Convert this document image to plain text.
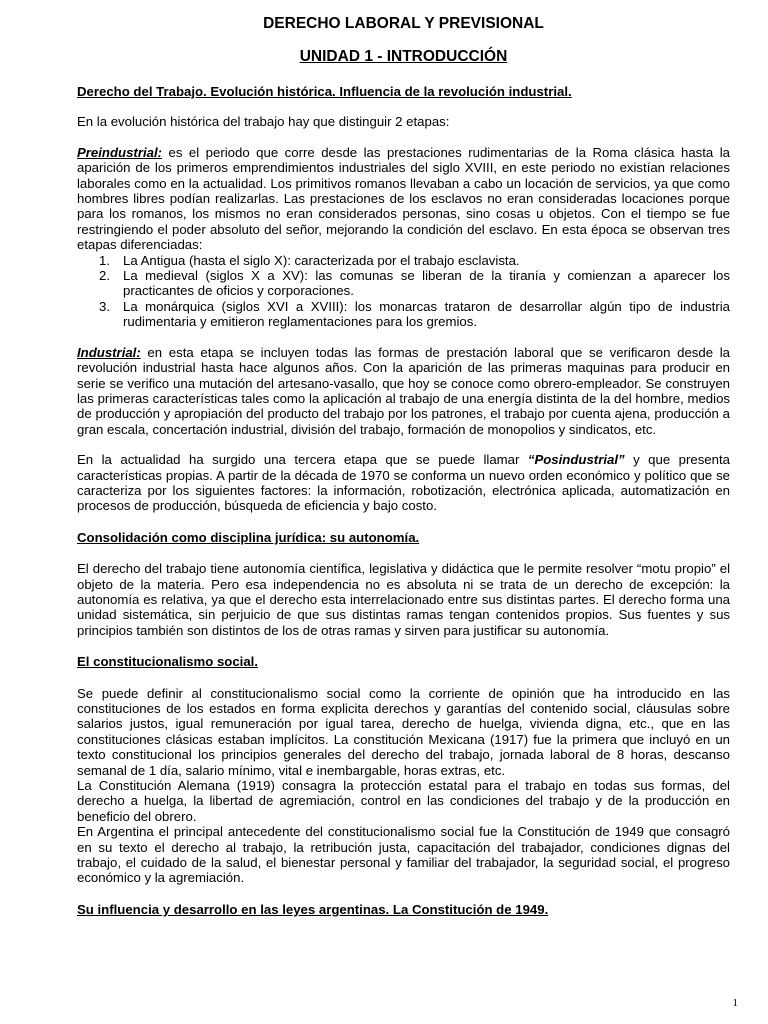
DERECHO LABORAL Y PREVISIONAL
UNIDAD 1 - INTRODUCCIÓN

Derecho del Trabajo. Evolución histórica. Influencia de la revolución industrial.

En la evolución histórica del trabajo hay que distinguir 2 etapas:

Preindustrial: es el periodo que corre desde las prestaciones rudimentarias de la Roma clásica hasta la aparición de los primeros emprendimientos industriales del siglo XVIII, en este periodo no existían relaciones laborales como en la actualidad. Los primitivos romanos llevaban a cabo un locación de servicios, ya que como hombres libres podían realizarlas. Las prestaciones de los esclavos no eran consideradas locaciones porque para los romanos, los mismos no eran considerados personas, sino cosas u objetos. Con el tiempo se fue restringiendo el poder absoluto del señor, mejorando la condición del esclavo. En esta época se observan tres etapas diferenciadas:

1. La Antigua (hasta el siglo X): caracterizada por el trabajo esclavista.
2. La medieval (siglos X a XV): las comunas se liberan de la tiranía y comienzan a aparecer los practicantes de oficios y corporaciones.
3. La monárquica (siglos XVI a XVIII): los monarcas trataron de desarrollar algún tipo de industria rudimentaria y emitieron reglamentaciones para los gremios.

Industrial: en esta etapa se incluyen todas las formas de prestación laboral que se verificaron desde la revolución industrial hasta hace algunos años. Con la aparición de las primeras maquinas para producir en serie se verifico una mutación del artesano-vasallo, que hoy se conoce como obrero-empleador. Se construyen las primeras características tales como la aplicación al trabajo de una energía distinta de la del hombre, medios de producción y apropiación del producto del trabajo por los patrones, el trabajo por cuenta ajena, producción a gran escala, concertación industrial, división del trabajo, formación de monopolios y sindicatos, etc.

En la actualidad ha surgido una tercera etapa que se puede llamar “Posindustrial” y que presenta características propias. A partir de la década de 1970 se conforma un nuevo orden económico y político que se caracteriza por los siguientes factores: la información, robotización, electrónica aplicada, automatización en procesos de producción, búsqueda de eficiencia y bajo costo.

Consolidación como disciplina jurídica: su autonomía.

El derecho del trabajo tiene autonomía científica, legislativa y didáctica que le permite resolver “motu propio” el objeto de la materia. Pero esa independencia no es absoluta ni se trata de un derecho de excepción: la autonomía es relativa, ya que el derecho esta interrelacionado entre sus distintas partes. El derecho forma una unidad sistemática, sin perjuicio de que sus distintas ramas tengan contenidos propios. Sus fuentes y sus principios también son distintos de los de otras ramas y sirven para justificar su autonomía.

El constitucionalismo social.

Se puede definir al constitucionalismo social como la corriente de opinión que ha introducido en las constituciones de los estados en forma explicita derechos y garantías del contenido social, cláusulas sobre salarios justos, igual remuneración por igual tarea, derecho de huelga, vivienda digna, etc., que en las constituciones clásicas estaban implícitos. La constitución Mexicana (1917) fue la primera que incluyó en un texto constitucional los principios generales del derecho del trabajo, jornada laboral de 8 horas, descanso semanal de 1 día, salario mínimo, vital e inembargable, horas extras, etc.

La Constitución Alemana (1919) consagra la protección estatal para el trabajo en todas sus formas, del derecho a huelga, la libertad de agremiación, control en las condiciones del trabajo y de la producción en beneficio del obrero.

En Argentina el principal antecedente del constitucionalismo social fue la Constitución de 1949 que consagró en su texto el derecho al trabajo, la retribución justa, capacitación del trabajador, condiciones dignas del trabajo, el cuidado de la salud, el bienestar personal y familiar del trabajador, la seguridad social, el progreso económico y la agremiación.

Su influencia y desarrollo en las leyes argentinas. La Constitución de 1949.

1
